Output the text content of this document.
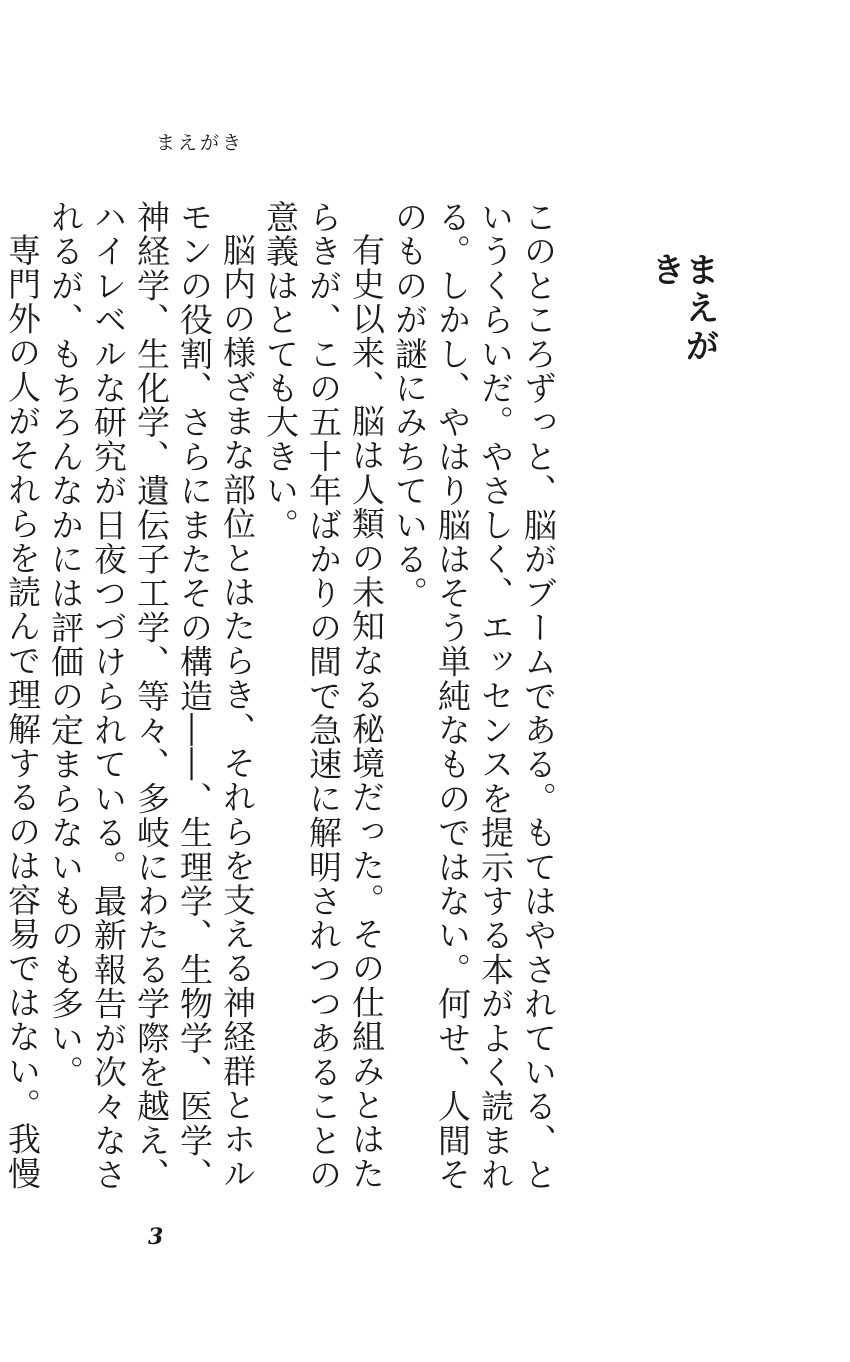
まえがき
まえがき

このところずっと、脳がブームである。もてはやされている、というくらいだ。やさしく、エッセンスを提示する本がよく読まれる。しかし、やはり脳はそう単純なものではない。何せ、人間そのものが謎にみちている。

有史以来、脳は人類の未知なる秘境だった。その仕組みとはたらきが、この五十年ばかりの間で急速に解明されつつあることの意義はとても大きい。

脳内の様ざまな部位とはたらき、それらを支える神経群とホルモンの役割、さらにまたその構造――、生理学、生物学、医学、神経学、生化学、遺伝子工学、等々、多岐にわたる学際を越え、ハイレベルな研究が日夜つづけられている。最新報告が次々なされるが、もちろんなかには評価の定まらないものも多い。

専門外の人がそれらを読んで理解するのは容易ではない。我慢

3
